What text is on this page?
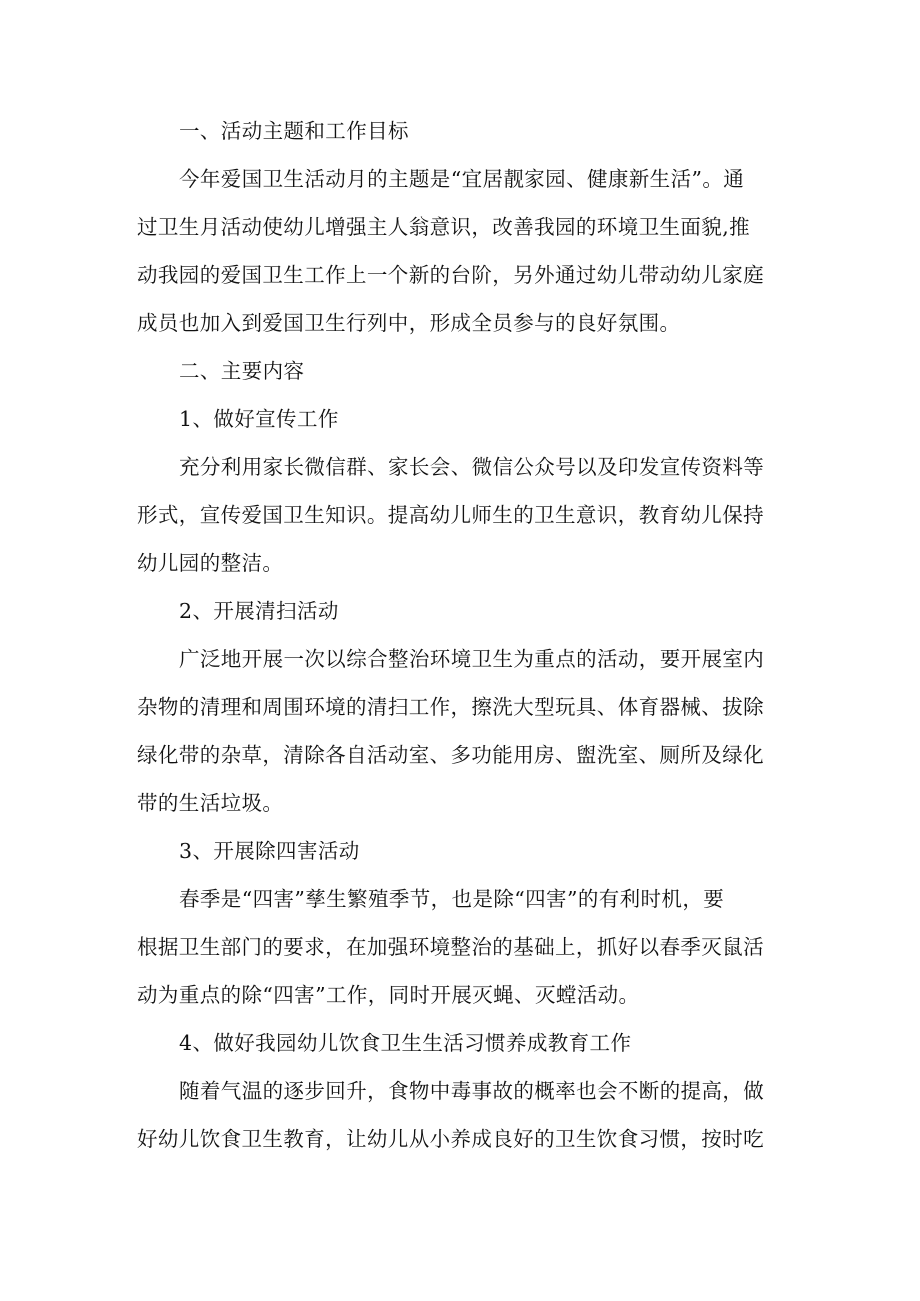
一、活动主题和工作目标
今年爱国卫生活动月的主题是“宜居靓家园、健康新生活”。通
过卫生月活动使幼儿增强主人翁意识，改善我园的环境卫生面貌,推
动我园的爱国卫生工作上一个新的台阶，另外通过幼儿带动幼儿家庭
成员也加入到爱国卫生行列中，形成全员参与的良好氛围。
二、主要内容
1、做好宣传工作
充分利用家长微信群、家长会、微信公众号以及印发宣传资料等
形式，宣传爱国卫生知识。提高幼儿师生的卫生意识，教育幼儿保持
幼儿园的整洁。
2、开展清扫活动
广泛地开展一次以综合整治环境卫生为重点的活动，要开展室内
杂物的清理和周围环境的清扫工作，擦洗大型玩具、体育器械、拔除
绿化带的杂草，清除各自活动室、多功能用房、盥洗室、厕所及绿化
带的生活垃圾。
3、开展除四害活动
春季是“四害”孳生繁殖季节，也是除“四害”的有利时机，要
根据卫生部门的要求，在加强环境整治的基础上，抓好以春季灭鼠活
动为重点的除“四害”工作，同时开展灭蝇、灭螳活动。
4、做好我园幼儿饮食卫生生活习惯养成教育工作
随着气温的逐步回升，食物中毒事故的概率也会不断的提高，做
好幼儿饮食卫生教育，让幼儿从小养成良好的卫生饮食习惯，按时吃
